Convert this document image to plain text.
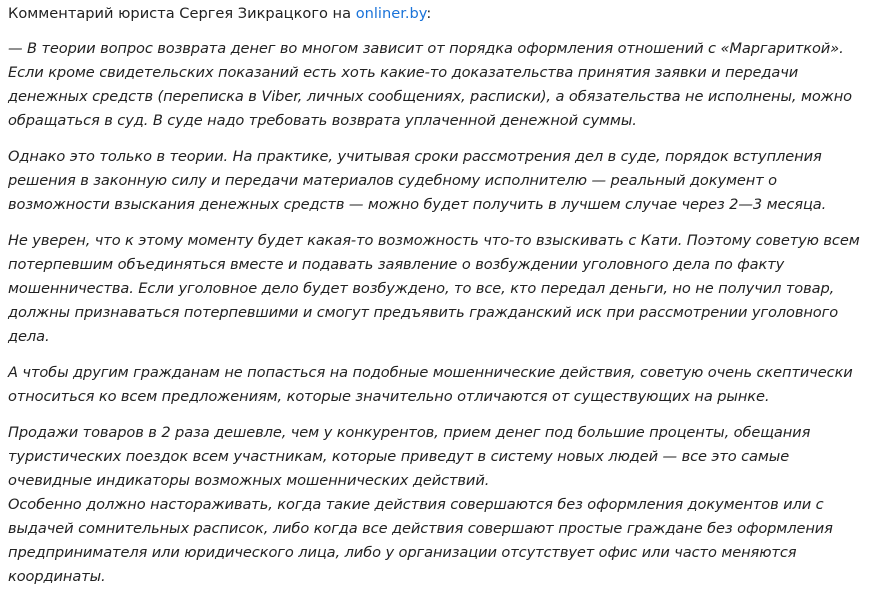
Комментарий юриста Сергея Зикрацкого на onliner.by:

— В теории вопрос возврата денег во многом зависит от порядка оформления отношений с «Маргариткой». Если кроме свидетельских показаний есть хоть какие-то доказательства принятия заявки и передачи денежных средств (переписка в Viber, личных сообщениях, расписки), а обязательства не исполнены, можно обращаться в суд. В суде надо требовать возврата уплаченной денежной суммы.

Однако это только в теории. На практике, учитывая сроки рассмотрения дел в суде, порядок вступления решения в законную силу и передачи материалов судебному исполнителю — реальный документ о возможности взыскания денежных средств — можно будет получить в лучшем случае через 2—3 месяца.

Не уверен, что к этому моменту будет какая-то возможность что-то взыскивать с Кати. Поэтому советую всем потерпевшим объединяться вместе и подавать заявление о возбуждении уголовного дела по факту мошенничества. Если уголовное дело будет возбуждено, то все, кто передал деньги, но не получил товар, должны признаваться потерпевшими и смогут предъявить гражданский иск при рассмотрении уголовного дела.

А чтобы другим гражданам не попасться на подобные мошеннические действия, советую очень скептически относиться ко всем предложениям, которые значительно отличаются от существующих на рынке.

Продажи товаров в 2 раза дешевле, чем у конкурентов, прием денег под большие проценты, обещания туристических поездок всем участникам, которые приведут в систему новых людей — все это самые очевидные индикаторы возможных мошеннических действий.

Особенно должно настораживать, когда такие действия совершаются без оформления документов или с выдачей сомнительных расписок, либо когда все действия совершают простые граждане без оформления предпринимателя или юридического лица, либо у организации отсутствует офис или часто меняются координаты.
